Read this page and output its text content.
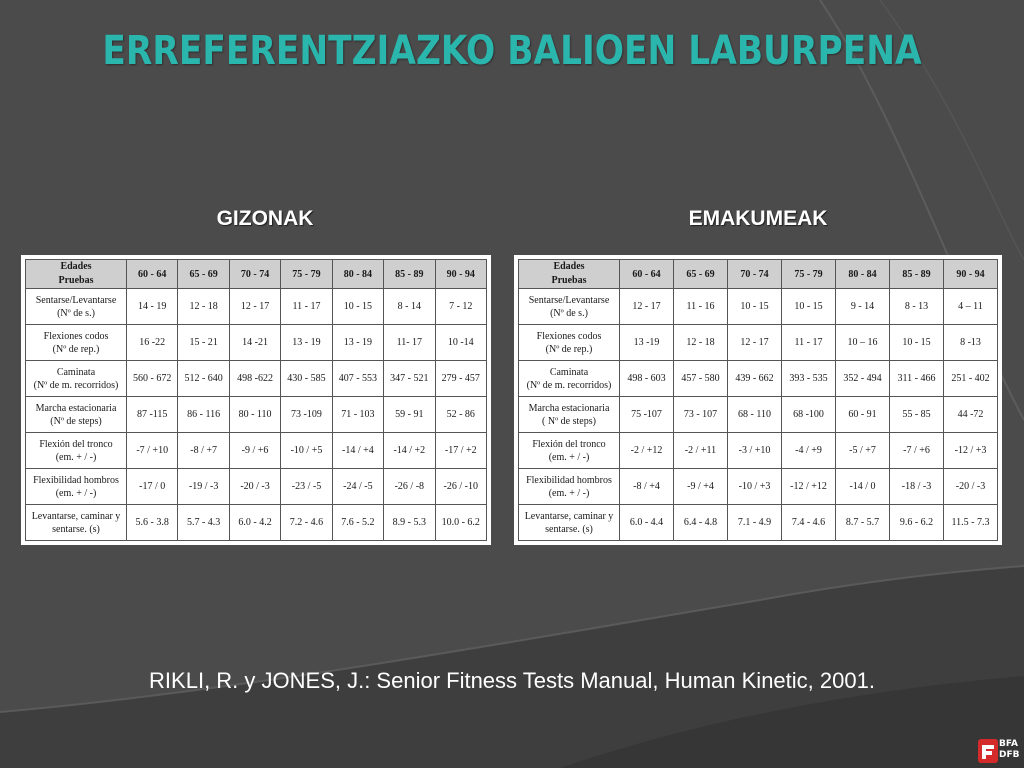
ERREFERENTZIAZKO BALIOEN LABURPENA
GIZONAK	EMAKUMEAK
Edades
Pruebas	60 - 64	65 - 69	70 - 74	75 - 79	80 - 84	85 - 89	90 - 94
Sentarse/Levantarse
(Nº de s.)	14 - 19	12 - 18	12 - 17	11 - 17	10 - 15	8 - 14	7 - 12
Flexiones codos
(Nº de rep.)	16 -22	15 - 21	14 -21	13 - 19	13 - 19	11- 17	10 -14
Caminata
(Nº de m. recorridos)	560 - 672	512 - 640	498 -622	430 - 585	407 - 553	347 - 521	279 - 457
Marcha estacionaria
(Nº de steps)	87 -115	86 - 116	80 - 110	73 -109	71 - 103	59 - 91	52 - 86
Flexión del tronco
(em. + / -)	-7 / +10	-8 / +7	-9 / +6	-10 / +5	-14 / +4	-14 / +2	-17 / +2
Flexibilidad hombros
(em. + / -)	-17 / 0	-19 / -3	-20 / -3	-23 / -5	-24 / -5	-26 / -8	-26 / -10
Levantarse, caminar y
sentarse. (s)	5.6 - 3.8	5.7 - 4.3	6.0 - 4.2	7.2 - 4.6	7.6 - 5.2	8.9 - 5.3	10.0 - 6.2
Edades
Pruebas	60 - 64	65 - 69	70 - 74	75 - 79	80 - 84	85 - 89	90 - 94
Sentarse/Levantarse
(Nº de s.)	12 - 17	11 - 16	10 - 15	10 - 15	9 - 14	8 - 13	4 – 11
Flexiones codos
(Nº de rep.)	13 -19	12 - 18	12 - 17	11 - 17	10 – 16	10 - 15	8 -13
Caminata
(Nº de m. recorridos)	498 - 603	457 - 580	439 - 662	393 - 535	352 - 494	311 - 466	251 - 402
Marcha estacionaria
( Nº de steps)	75 -107	73 - 107	68 - 110	68 -100	60 - 91	55 - 85	44 -72
Flexión del tronco
(em. + / -)	-2 / +12	-2 / +11	-3 / +10	-4 / +9	-5 / +7	-7 / +6	-12 / +3
Flexibilidad hombros
(em. + / -)	-8 / +4	-9 / +4	-10 / +3	-12 / +12	-14 / 0	-18 / -3	-20 / -3
Levantarse, caminar y
sentarse. (s)	6.0 - 4.4	6.4 - 4.8	7.1 - 4.9	7.4 - 4.6	8.7 - 5.7	9.6 - 6.2	11.5 - 7.3
RIKLI, R. y JONES, J.: Senior Fitness Tests Manual, Human Kinetic, 2001.
BFA
DFB
